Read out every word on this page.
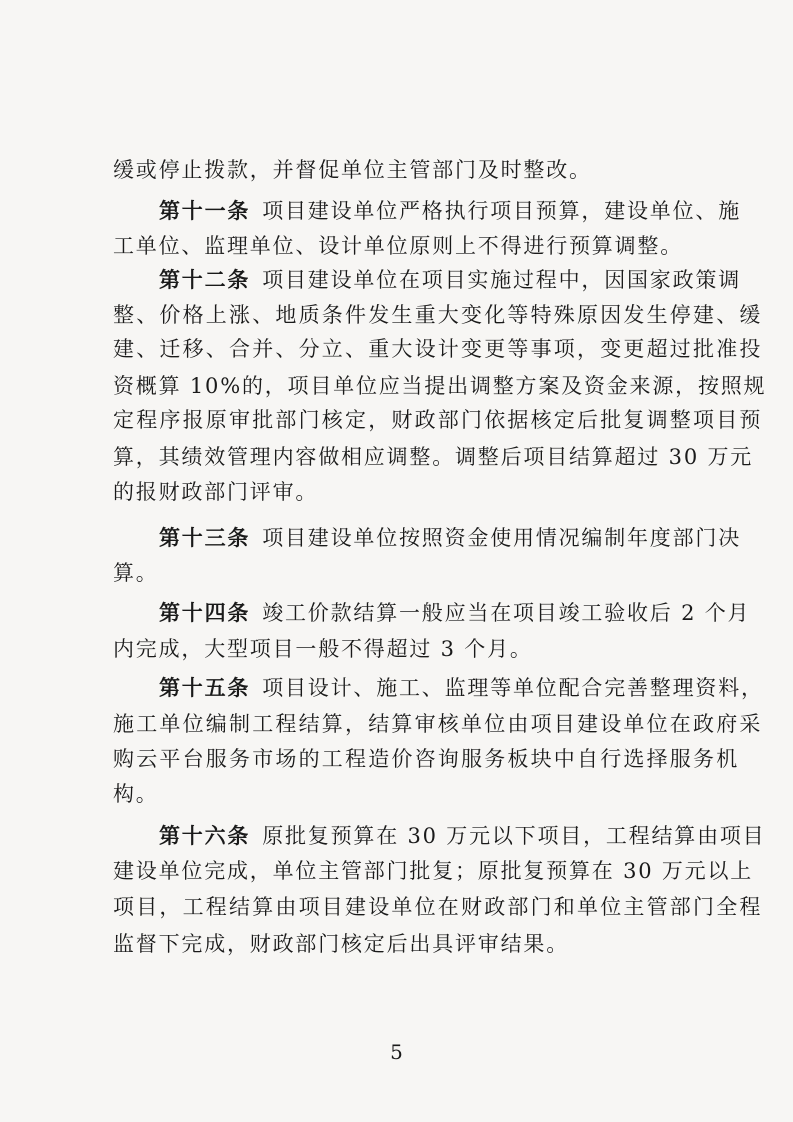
缓或停止拨款，并督促单位主管部门及时整改。
第十一条 项目建设单位严格执行项目预算，建设单位、施
工单位、监理单位、设计单位原则上不得进行预算调整。
第十二条 项目建设单位在项目实施过程中，因国家政策调
整、价格上涨、地质条件发生重大变化等特殊原因发生停建、缓
建、迁移、合并、分立、重大设计变更等事项，变更超过批准投
资概算 10%的，项目单位应当提出调整方案及资金来源，按照规
定程序报原审批部门核定，财政部门依据核定后批复调整项目预
算，其绩效管理内容做相应调整。调整后项目结算超过 30 万元
的报财政部门评审。
第十三条 项目建设单位按照资金使用情况编制年度部门决
算。
第十四条 竣工价款结算一般应当在项目竣工验收后 2 个月
内完成，大型项目一般不得超过 3 个月。
第十五条 项目设计、施工、监理等单位配合完善整理资料，
施工单位编制工程结算，结算审核单位由项目建设单位在政府采
购云平台服务市场的工程造价咨询服务板块中自行选择服务机
构。
第十六条 原批复预算在 30 万元以下项目，工程结算由项目
建设单位完成，单位主管部门批复；原批复预算在 30 万元以上
项目，工程结算由项目建设单位在财政部门和单位主管部门全程
监督下完成，财政部门核定后出具评审结果。
5
